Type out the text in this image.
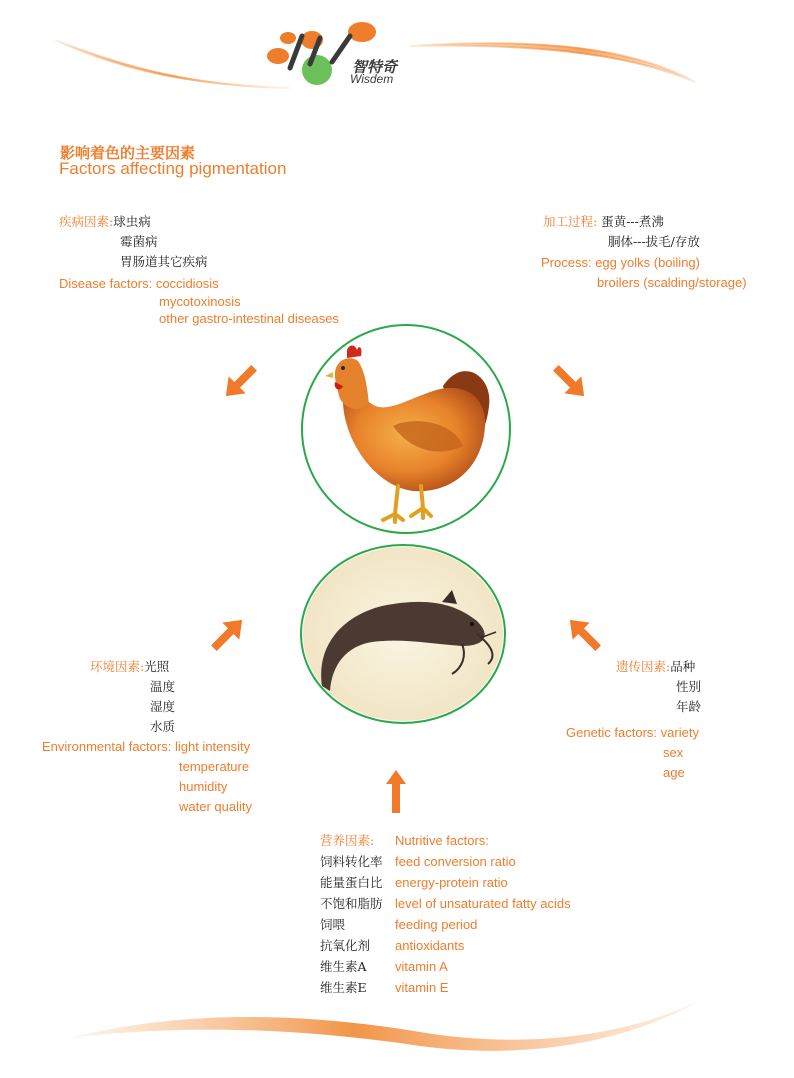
智特奇
Wisdem
影响着色的主要因素
Factors affecting pigmentation
疾病因素:球虫病
霉菌病
胃肠道其它疾病
Disease factors: coccidiosis
mycotoxinosis
other gastro-intestinal diseases
加工过程: 蛋黄---煮沸
胴体---拔毛/存放
Process: egg yolks (boiling)
broilers (scalding/storage)
环境因素:光照
温度
湿度
水质
Environmental factors: light intensity
temperature
humidity
water quality
遗传因素:品种
性别
年龄
Genetic factors: variety
sex
age
营养因素: Nutritive factors:
饲料转化率 feed conversion ratio
能量蛋白比 energy-protein ratio
不饱和脂肪 level of unsaturated fatty acids
饲喂	feeding period
抗氧化剂 antioxidants
维生素A vitamin A
维生素E vitamin E
